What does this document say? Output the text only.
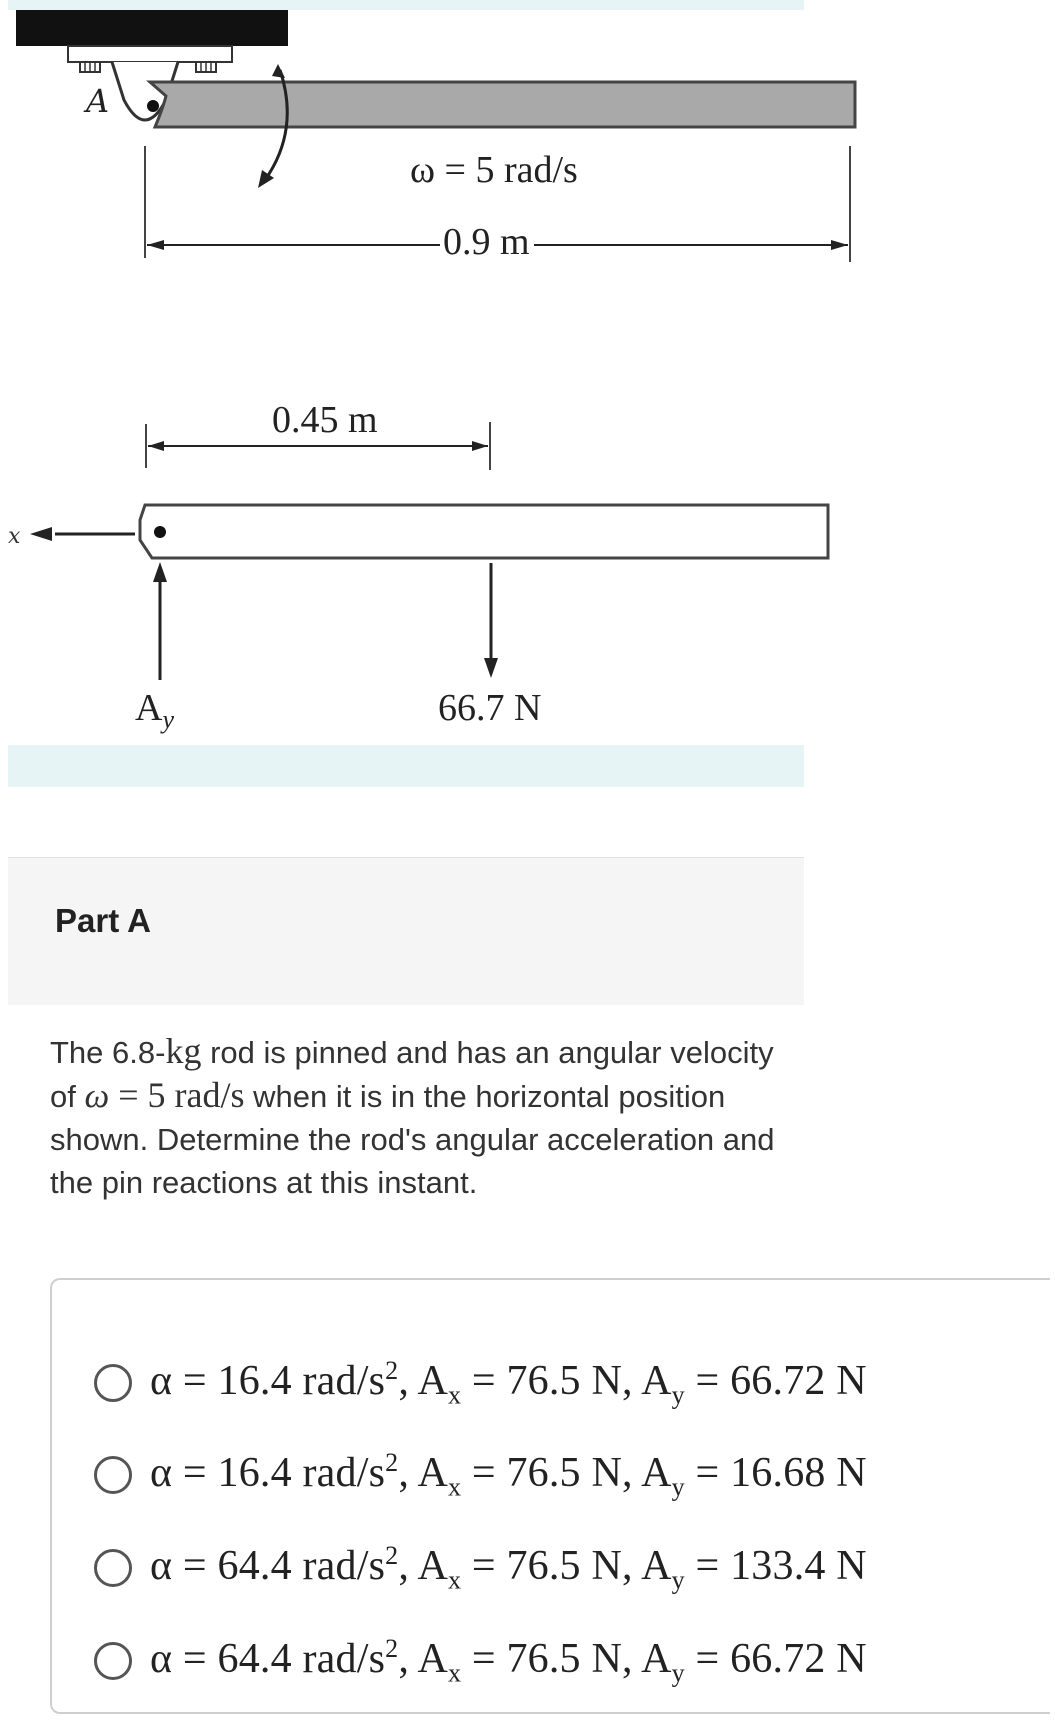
A
ω = 5 rad/s
0.9 m
0.45 m
x
$A_y$	66.7 N
Part A
The 6.8-kg rod is pinned and has an angular velocity of ω = 5 rad/s when it is in the horizontal position shown. Determine the rod's angular acceleration and the pin reactions at this instant.
α = 16.4 rad/$s^2$, $A_x = 76.5$ N, $A_y = 66.72$ N
α = 16.4 rad/$s^2$, $A_x = 76.5$ N, $A_y = 16.68$ N
α = 64.4 rad/$s^2$, $A_x = 76.5$ N, $A_y = 133.4$ N
α = 64.4 rad/$s^2$, $A_x = 76.5$ N, $A_y = 66.72$ N
